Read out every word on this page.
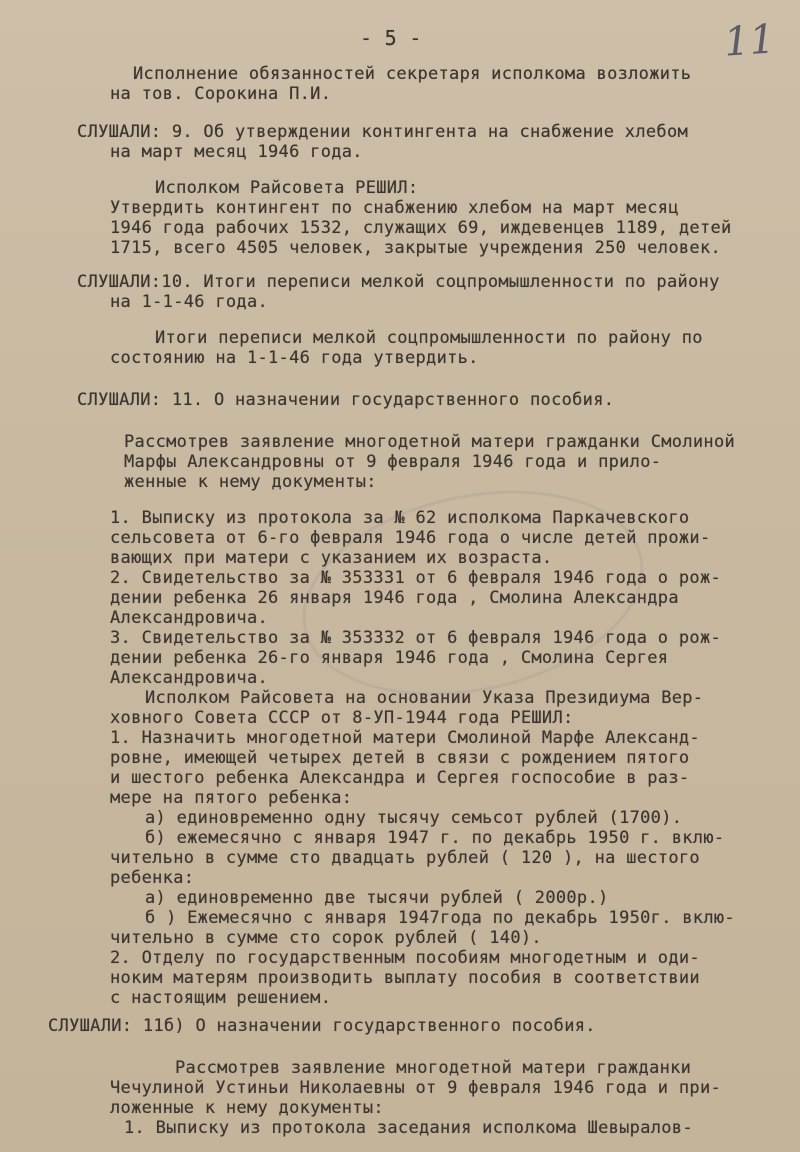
- 5 -	11
Исполнение обязанностей секретаря исполкома возложить
на тов. Сорокина П.И.
СЛУШАЛИ: 9. Об утверждении контингента на снабжение хлебом
на март месяц 1946 года.
Исполком Райсовета РЕШИЛ:
Утвердить контингент по снабжению хлебом на март месяц
1946 года рабочих 1532, служащих 69, иждевенцев 1189, детей
1715, всего 4505 человек, закрытые учреждения 250 человек.
СЛУШАЛИ:10. Итоги переписи мелкой соцпромышленности по району
на 1-1-46 года.
Итоги переписи мелкой соцпромышленности по району по
состоянию на 1-1-46 года утвердить.
СЛУШАЛИ: 11. О назначении государственного пособия.
Рассмотрев заявление многодетной матери гражданки Смолиной
Марфы Александровны от 9 февраля 1946 года и прило-
женные к нему документы:
1. Выписку из протокола за № 62 исполкома Паркачевского
сельсовета от 6-го февраля 1946 года о числе детей прожи-
вающих при матери с указанием их возраста.
2. Свидетельство за № 353331 от 6 февраля 1946 года о рож-
дении ребенка 26 января 1946 года , Смолина Александра
Александровича.
3. Свидетельство за № 353332 от 6 февраля 1946 года о рож-
дении ребенка 26-го января 1946 года , Смолина Сергея
Александровича.
Исполком Райсовета на основании Указа Президиума Вер-
ховного Совета СССР от 8-УП-1944 года РЕШИЛ:
1. Назначить многодетной матери Смолиной Марфе Александ-
ровне, имеющей четырех детей в связи с рождением пятого
и шестого ребенка Александра и Сергея госпособие в раз-
мере на пятого ребенка:
а) единовременно одну тысячу семьсот рублей (1700).
б) ежемесячно с января 1947 г. по декабрь 1950 г. вклю-
чительно в сумме сто двадцать рублей ( 120 ), на шестого
ребенка:
а) единовременно две тысячи рублей ( 2000р.)
б ) Ежемесячно с января 1947года по декабрь 1950г. вклю-
чительно в сумме сто сорок рублей ( 140).
2. Отделу по государственным пособиям многодетным и оди-
ноким матерям производить выплату пособия в соответствии
с настоящим решением.
СЛУШАЛИ: 11б) О назначении государственного пособия.
Рассмотрев заявление многодетной матери гражданки
Чечулиной Устиньи Николаевны от 9 февраля 1946 года и при-
ложенные к нему документы:
1. Выписку из протокола заседания исполкома Шевыралов-
